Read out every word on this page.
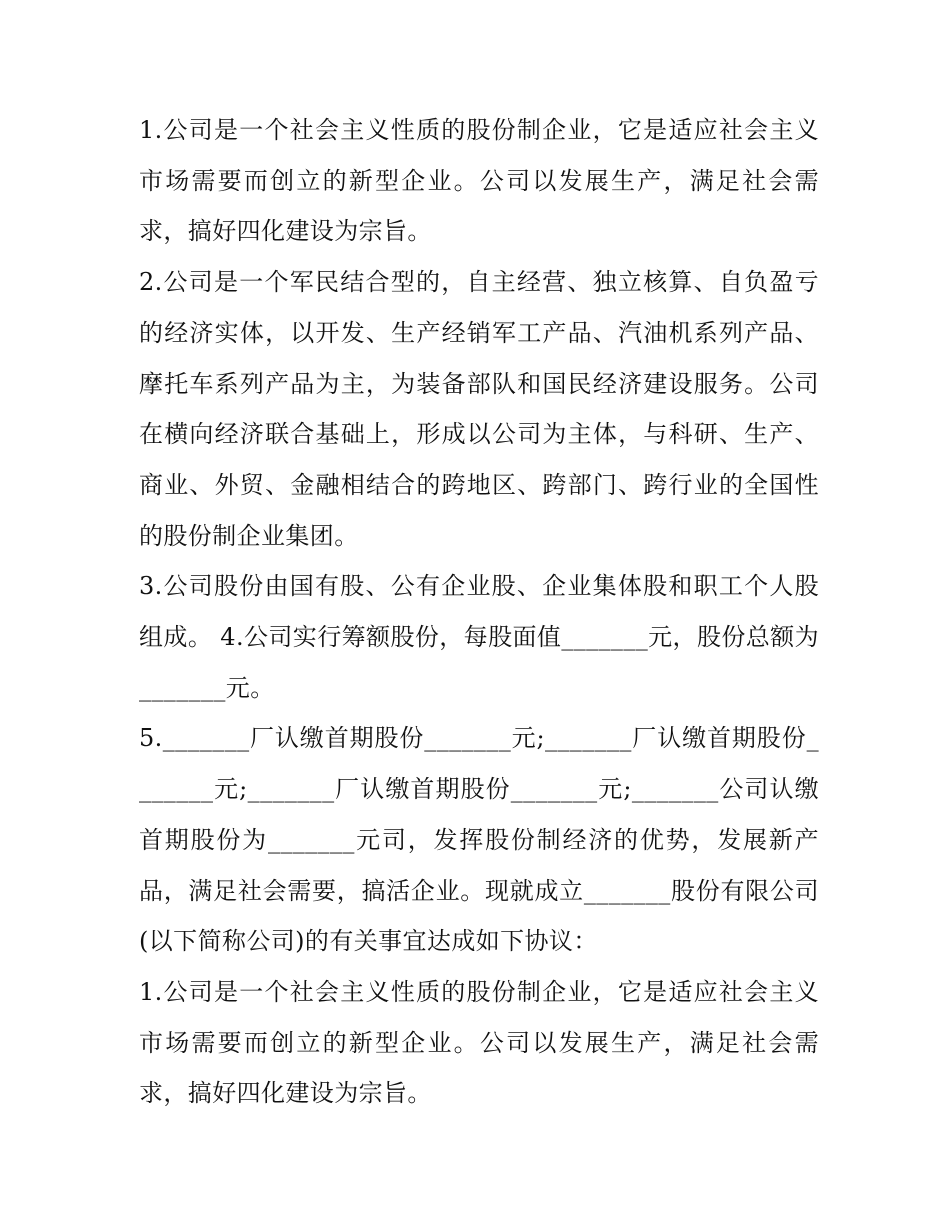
1.公司是一个社会主义性质的股份制企业，它是适应社会主义市场需要而创立的新型企业。公司以发展生产，满足社会需求，搞好四化建设为宗旨。

2.公司是一个军民结合型的，自主经营、独立核算、自负盈亏的经济实体，以开发、生产经销军工产品、汽油机系列产品、摩托车系列产品为主，为装备部队和国民经济建设服务。公司在横向经济联合基础上，形成以公司为主体，与科研、生产、商业、外贸、金融相结合的跨地区、跨部门、跨行业的全国性的股份制企业集团。

3.公司股份由国有股、公有企业股、企业集体股和职工个人股组成。 4.公司实行筹额股份，每股面值_______元，股份总额为_______元。

5._______厂认缴首期股份_______元;_______厂认缴首期股份_______元;_______厂认缴首期股份_______元;_______公司认缴首期股份为_______元司，发挥股份制经济的优势，发展新产品，满足社会需要，搞活企业。现就成立_______股份有限公司(以下简称公司)的有关事宜达成如下协议：

1.公司是一个社会主义性质的股份制企业，它是适应社会主义市场需要而创立的新型企业。公司以发展生产，满足社会需求，搞好四化建设为宗旨。
